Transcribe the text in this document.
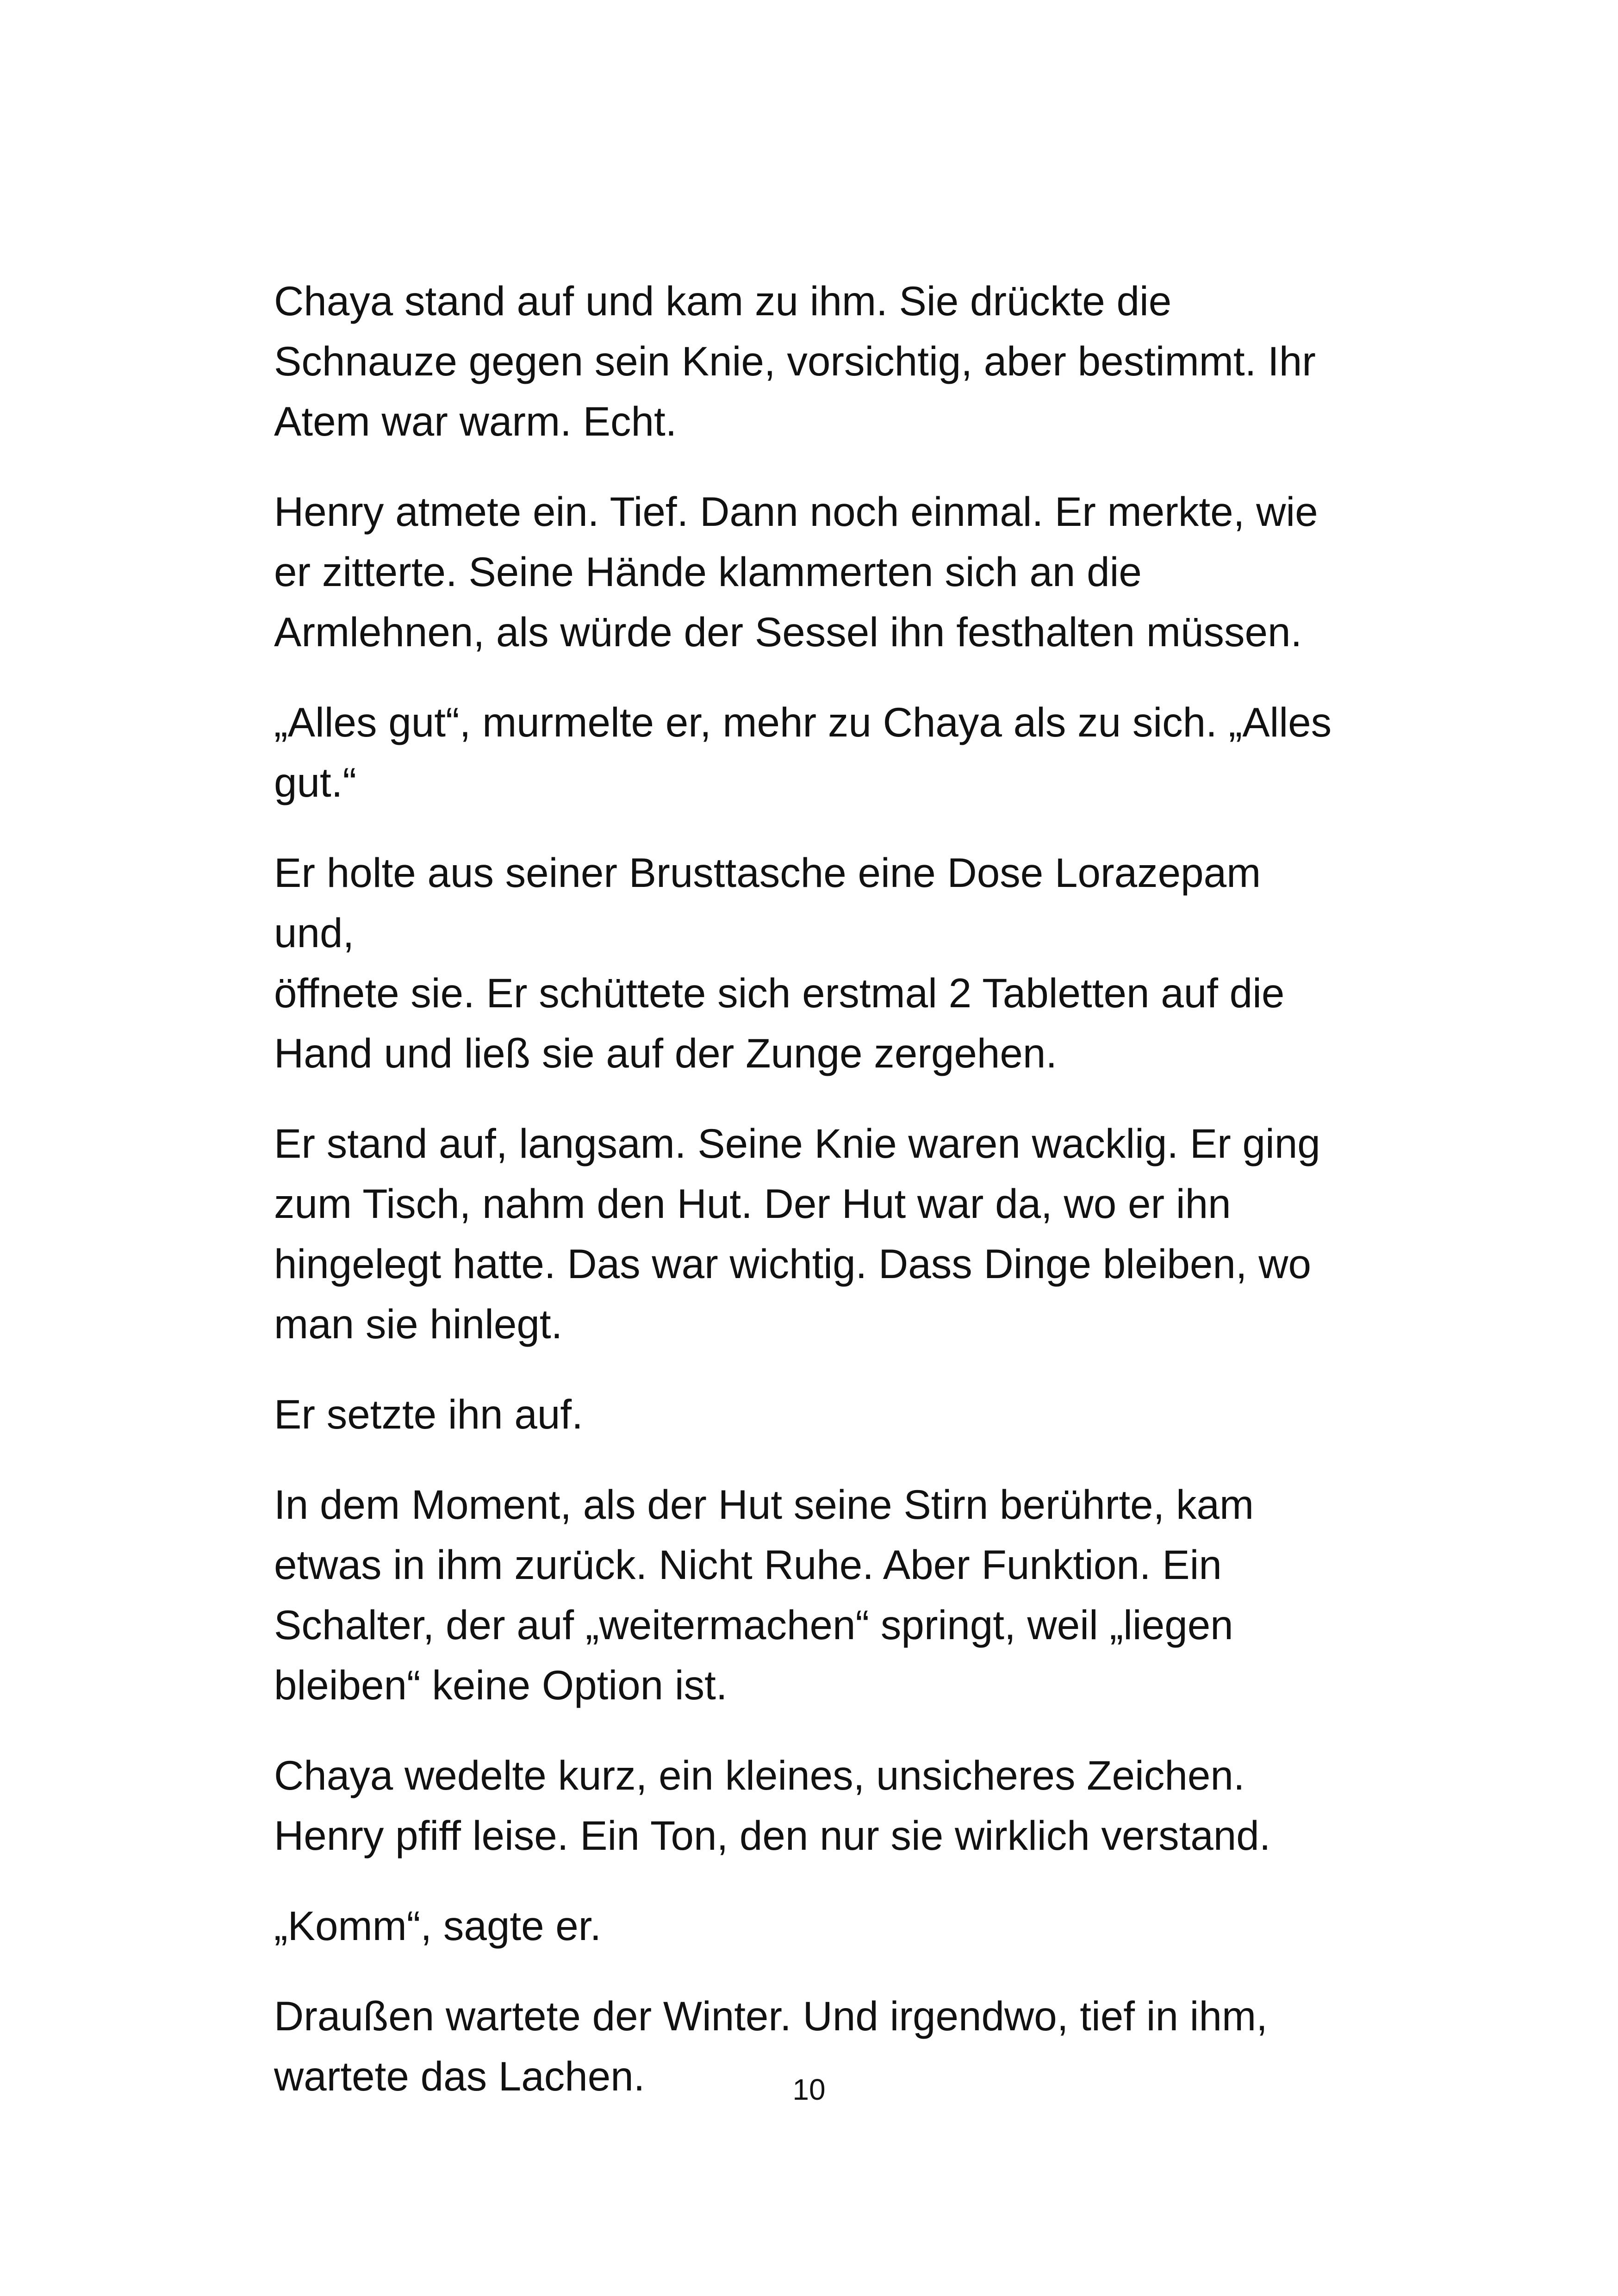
Chaya stand auf und kam zu ihm. Sie drückte die
Schnauze gegen sein Knie, vorsichtig, aber bestimmt. Ihr
Atem war warm. Echt.

Henry atmete ein. Tief. Dann noch einmal. Er merkte, wie
er zitterte. Seine Hände klammerten sich an die
Armlehnen, als würde der Sessel ihn festhalten müssen.

„Alles gut“, murmelte er, mehr zu Chaya als zu sich. „Alles
gut.“

Er holte aus seiner Brusttasche eine Dose Lorazepam und,
öffnete sie. Er schüttete sich erstmal 2 Tabletten auf die
Hand und ließ sie auf der Zunge zergehen.

Er stand auf, langsam. Seine Knie waren wacklig. Er ging
zum Tisch, nahm den Hut. Der Hut war da, wo er ihn
hingelegt hatte. Das war wichtig. Dass Dinge bleiben, wo
man sie hinlegt.

Er setzte ihn auf.

In dem Moment, als der Hut seine Stirn berührte, kam
etwas in ihm zurück. Nicht Ruhe. Aber Funktion. Ein
Schalter, der auf „weitermachen“ springt, weil „liegen
bleiben“ keine Option ist.

Chaya wedelte kurz, ein kleines, unsicheres Zeichen.
Henry pfiff leise. Ein Ton, den nur sie wirklich verstand.

„Komm“, sagte er.

Draußen wartete der Winter. Und irgendwo, tief in ihm,
wartete das Lachen.	10
